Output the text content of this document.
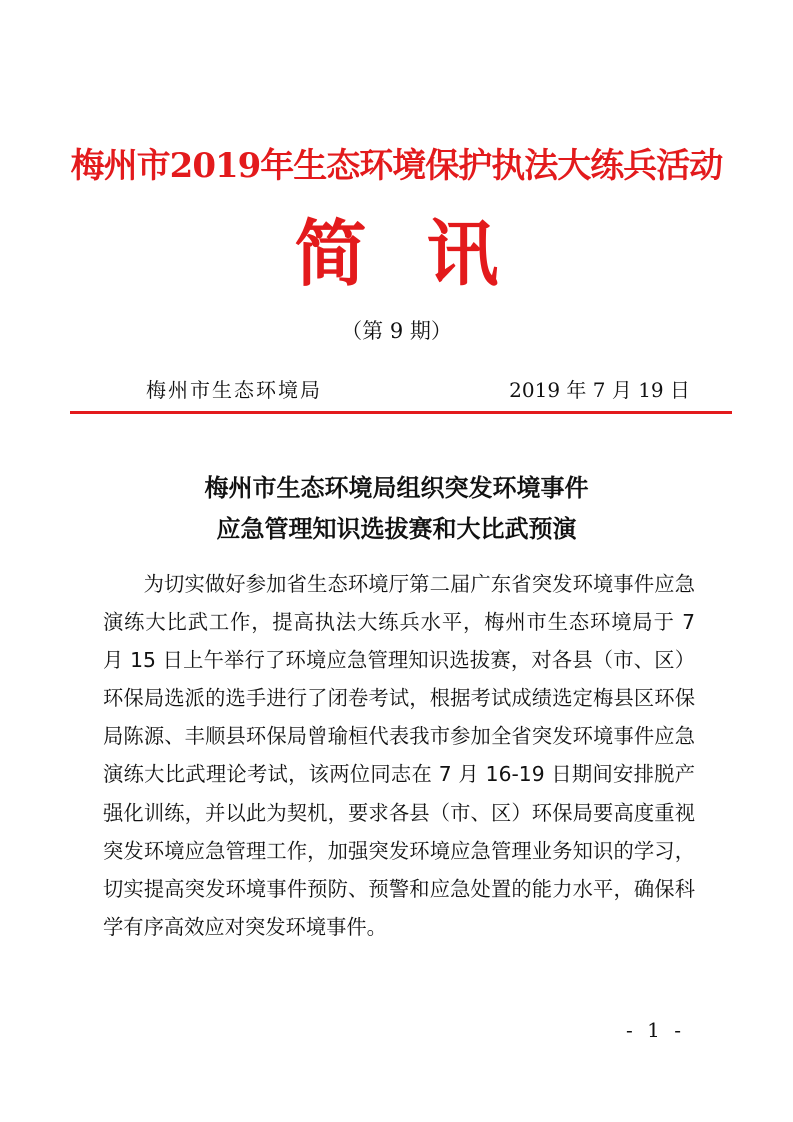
梅州市2019年生态环境保护执法大练兵活动
简讯
（第 9 期）
梅州市生态环境局	2019 年 7 月 19 日
梅州市生态环境局组织突发环境事件
应急管理知识选拔赛和大比武预演

为切实做好参加省生态环境厅第二届广东省突发环境事件应急演练大比武工作，提高执法大练兵水平，梅州市生态环境局于 7 月 15 日上午举行了环境应急管理知识选拔赛，对各县（市、区）环保局选派的选手进行了闭卷考试，根据考试成绩选定梅县区环保局陈源、丰顺县环保局曾瑜桓代表我市参加全省突发环境事件应急演练大比武理论考试，该两位同志在 7 月 16-19 日期间安排脱产强化训练，并以此为契机，要求各县（市、区）环保局要高度重视突发环境应急管理工作，加强突发环境应急管理业务知识的学习，切实提高突发环境事件预防、预警和应急处置的能力水平，确保科学有序高效应对突发环境事件。

- 1 -
